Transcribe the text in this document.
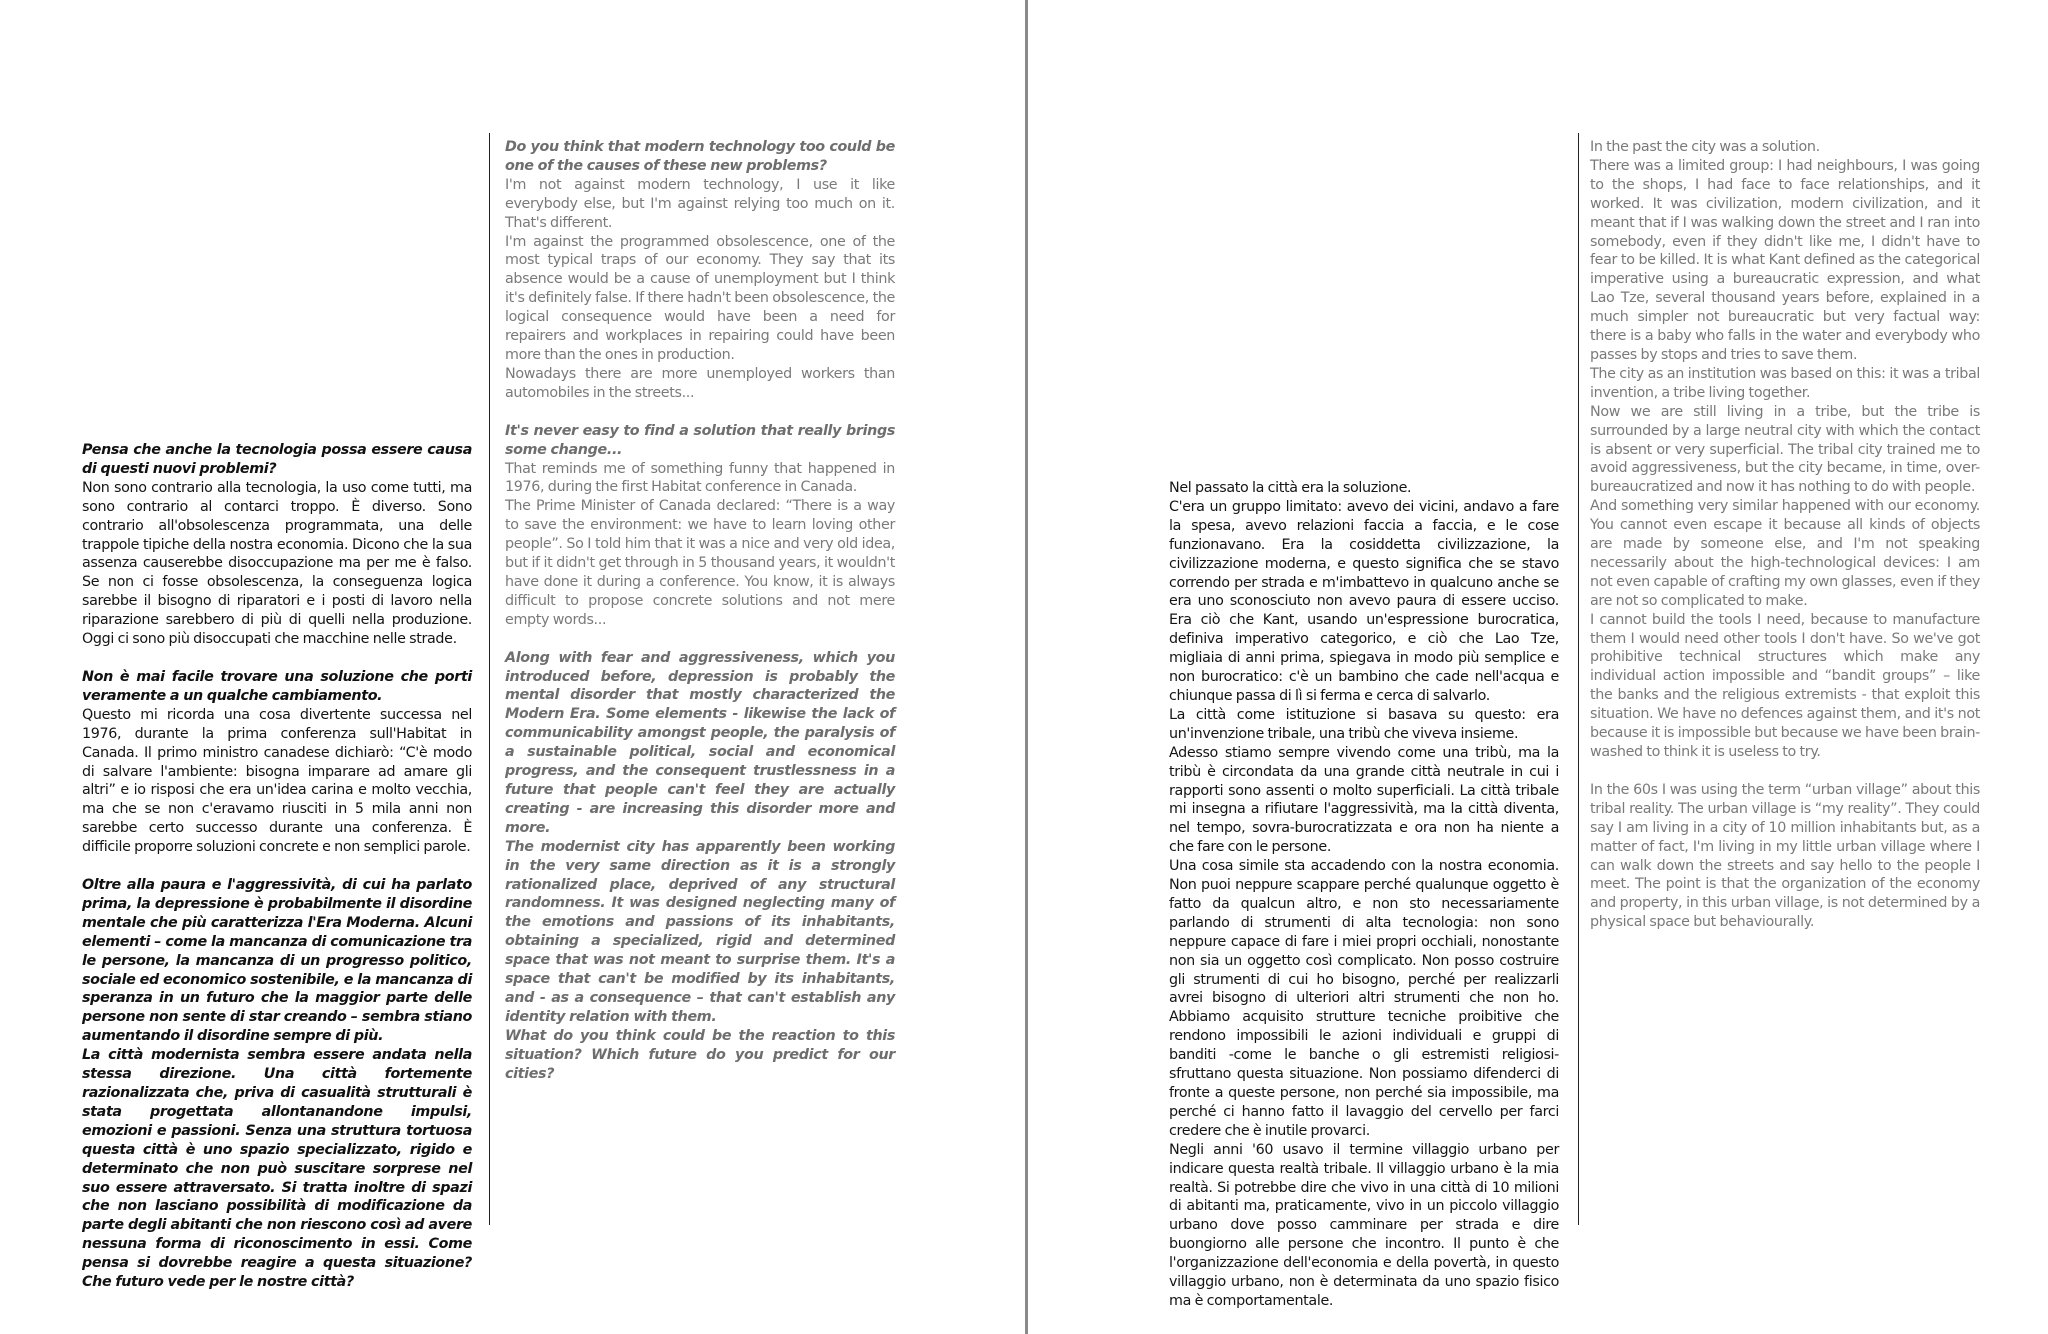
Pensa che anche la tecnologia possa essere causa di questi nuovi problemi?

Non sono contrario alla tecnologia, la uso come tutti, ma sono contrario al contarci troppo. È diverso. Sono contrario all'obsolescenza programmata, una delle trappole tipiche della nostra economia. Dicono che la sua assenza causerebbe disoccupazione ma per me è falso. Se non ci fosse obsolescenza, la conseguenza logica sarebbe il bisogno di riparatori e i posti di lavoro nella riparazione sarebbero di più di quelli nella produzione. Oggi ci sono più disoccupati che macchine nelle strade.

Non è mai facile trovare una soluzione che porti veramente a un qualche cambiamento.

Questo mi ricorda una cosa divertente successa nel 1976, durante la prima conferenza sull'Habitat in Canada. Il primo ministro canadese dichiarò: “C'è modo di salvare l'ambiente: bisogna imparare ad amare gli altri” e io risposi che era un'idea carina e molto vecchia, ma che se non c'eravamo riusciti in 5 mila anni non sarebbe certo successo durante una conferenza. È difficile proporre soluzioni concrete e non semplici parole.

Oltre alla paura e l'aggressività, di cui ha parlato prima, la depressione è probabilmente il disordine mentale che più caratterizza l'Era Moderna. Alcuni elementi – come la mancanza di comunicazione tra le persone, la mancanza di un progresso politico, sociale ed economico sostenibile, e la mancanza di speranza in un futuro che la maggior parte delle persone non sente di star creando – sembra stiano aumentando il disordine sempre di più.

La città modernista sembra essere andata nella stessa direzione. Una città fortemente razionalizzata che, priva di casualità strutturali è stata progettata allontanandone impulsi, emozioni e passioni. Senza una struttura tortuosa questa città è uno spazio specializzato, rigido e determinato che non può suscitare sorprese nel suo essere attraversato. Si tratta inoltre di spazi che non lasciano possibilità di modificazione da parte degli abitanti che non riescono così ad avere nessuna forma di riconoscimento in essi. Come pensa si dovrebbe reagire a questa situazione? Che futuro vede per le nostre città?

Do you think that modern technology too could be one of the causes of these new problems?

I'm not against modern technology, I use it like everybody else, but I'm against relying too much on it. That's different.

I'm against the programmed obsolescence, one of the most typical traps of our economy. They say that its absence would be a cause of unemployment but I think it's definitely false. If there hadn't been obsolescence, the logical consequence would have been a need for repairers and workplaces in repairing could have been more than the ones in production.

Nowadays there are more unemployed workers than automobiles in the streets...

It's never easy to find a solution that really brings some change...

That reminds me of something funny that happened in 1976, during the first Habitat conference in Canada.

The Prime Minister of Canada declared: “There is a way to save the environment: we have to learn loving other people”. So I told him that it was a nice and very old idea, but if it didn't get through in 5 thousand years, it wouldn't have done it during a conference. You know, it is always difficult to propose concrete solutions and not mere empty words...

Along with fear and aggressiveness, which you introduced before, depression is probably the mental disorder that mostly characterized the Modern Era. Some elements - likewise the lack of communicability amongst people, the paralysis of a sustainable political, social and economical progress, and the consequent trustlessness in a future that people can't feel they are actually creating - are increasing this disorder more and more.

The modernist city has apparently been working in the very same direction as it is a strongly rationalized place, deprived of any structural randomness. It was designed neglecting many of the emotions and passions of its inhabitants, obtaining a specialized, rigid and determined space that was not meant to surprise them. It's a space that can't be modified by its inhabitants, and - as a consequence – that can't establish any identity relation with them.

What do you think could be the reaction to this situation? Which future do you predict for our cities?

Nel passato la città era la soluzione.

C'era un gruppo limitato: avevo dei vicini, andavo a fare la spesa, avevo relazioni faccia a faccia, e le cose funzionavano. Era la cosiddetta civilizzazione, la civilizzazione moderna, e questo significa che se stavo correndo per strada e m'imbattevo in qualcuno anche se era uno sconosciuto non avevo paura di essere ucciso. Era ciò che Kant, usando un'espressione burocratica, definiva imperativo categorico, e ciò che Lao Tze, migliaia di anni prima, spiegava in modo più semplice e non burocratico: c'è un bambino che cade nell'acqua e chiunque passa di lì si ferma e cerca di salvarlo.

La città come istituzione si basava su questo: era un'invenzione tribale, una tribù che viveva insieme.

Adesso stiamo sempre vivendo come una tribù, ma la tribù è circondata da una grande città neutrale in cui i rapporti sono assenti o molto superficiali. La città tribale mi insegna a rifiutare l'aggressività, ma la città diventa, nel tempo, sovra-burocratizzata e ora non ha niente a che fare con le persone.

Una cosa simile sta accadendo con la nostra economia. Non puoi neppure scappare perché qualunque oggetto è fatto da qualcun altro, e non sto necessariamente parlando di strumenti di alta tecnologia: non sono neppure capace di fare i miei propri occhiali, nonostante non sia un oggetto così complicato. Non posso costruire gli strumenti di cui ho bisogno, perché per realizzarli avrei bisogno di ulteriori altri strumenti che non ho. Abbiamo acquisito strutture tecniche proibitive che rendono impossibili le azioni individuali e gruppi di banditi -come le banche o gli estremisti religiosi- sfruttano questa situazione. Non possiamo difenderci di fronte a queste persone, non perché sia impossibile, ma perché ci hanno fatto il lavaggio del cervello per farci credere che è inutile provarci.

Negli anni '60 usavo il termine villaggio urbano per indicare questa realtà tribale. Il villaggio urbano è la mia realtà. Si potrebbe dire che vivo in una città di 10 milioni di abitanti ma, praticamente, vivo in un piccolo villaggio urbano dove posso camminare per strada e dire buongiorno alle persone che incontro. Il punto è che l'organizzazione dell'economia e della povertà, in questo villaggio urbano, non è determinata da uno spazio fisico ma è comportamentale.

In the past the city was a solution.

There was a limited group: I had neighbours, I was going to the shops, I had face to face relationships, and it worked. It was civilization, modern civilization, and it meant that if I was walking down the street and I ran into somebody, even if they didn't like me, I didn't have to fear to be killed. It is what Kant defined as the categorical imperative using a bureaucratic expression, and what Lao Tze, several thousand years before, explained in a much simpler not bureaucratic but very factual way: there is a baby who falls in the water and everybody who passes by stops and tries to save them.

The city as an institution was based on this: it was a tribal invention, a tribe living together.

Now we are still living in a tribe, but the tribe is surrounded by a large neutral city with which the contact is absent or very superficial. The tribal city trained me to avoid aggressiveness, but the city became, in time, over-bureaucratized and now it has nothing to do with people.

And something very similar happened with our economy. You cannot even escape it because all kinds of objects are made by someone else, and I'm not speaking necessarily about the high-technological devices: I am not even capable of crafting my own glasses, even if they are not so complicated to make.

I cannot build the tools I need, because to manufacture them I would need other tools I don't have. So we've got prohibitive technical structures which make any individual action impossible and “bandit groups” – like the banks and the religious extremists - that exploit this situation. We have no defences against them, and it's not because it is impossible but because we have been brain-washed to think it is useless to try.

In the 60s I was using the term “urban village” about this tribal reality. The urban village is “my reality”. They could say I am living in a city of 10 million inhabitants but, as a matter of fact, I'm living in my little urban village where I can walk down the streets and say hello to the people I meet. The point is that the organization of the economy and property, in this urban village, is not determined by a physical space but behaviourally.
